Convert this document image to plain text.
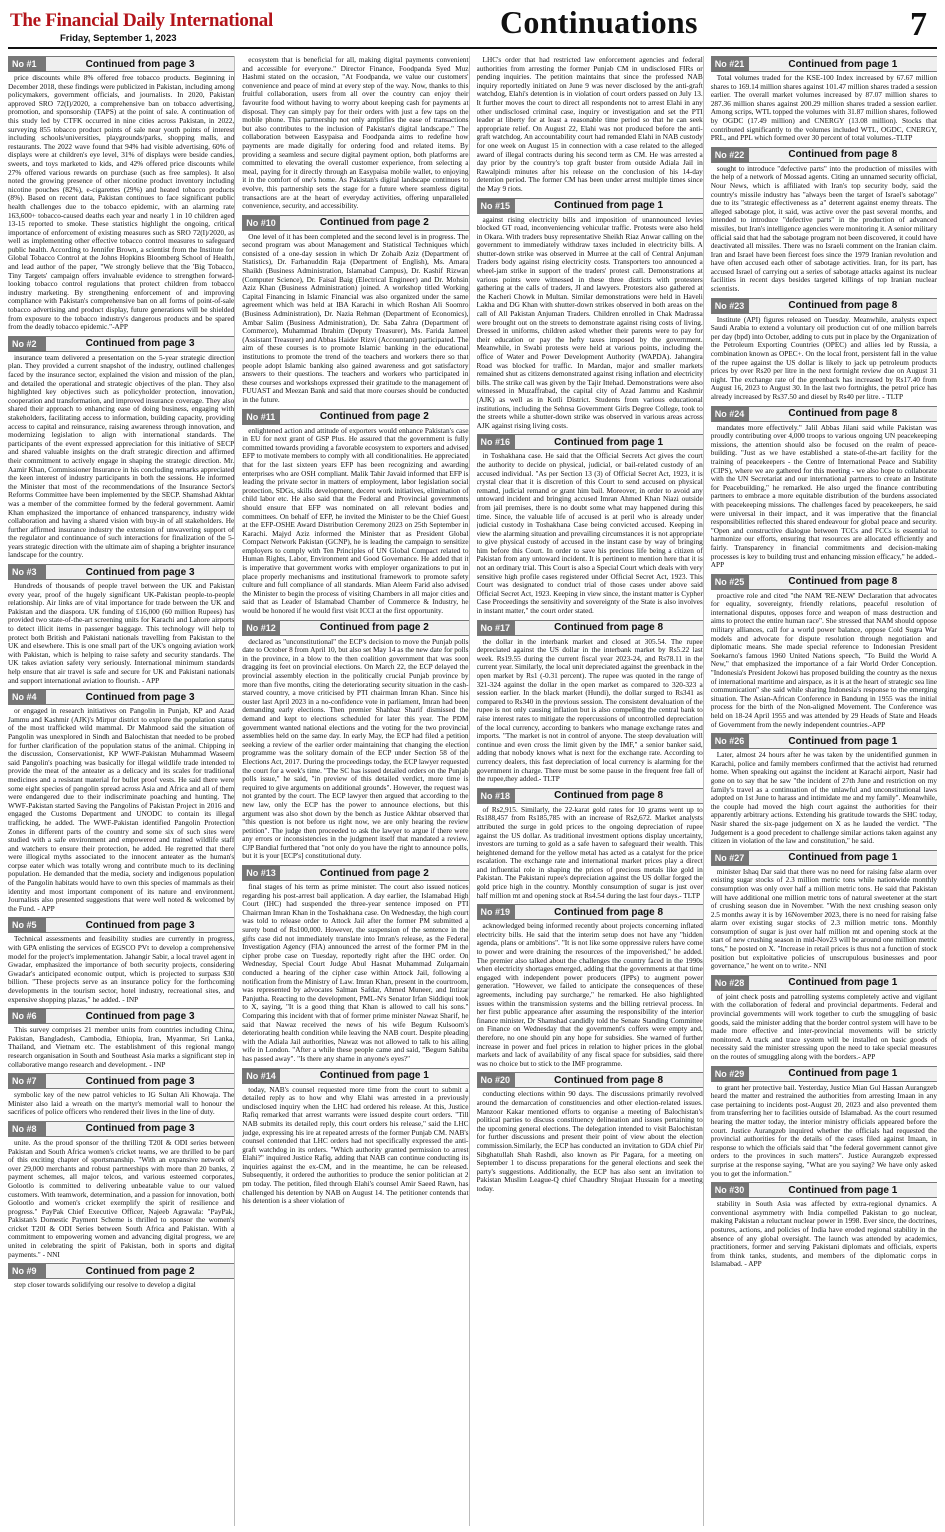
The Financial Daily International
Friday, September 1, 2023	Continuations	7
No #1	Continued from page 3

price discounts while 8% offered free tobacco products. Beginning in December 2018, these findings were publicized in Pakistan, including among policymakers, government officials, and journalists. In 2020, Pakistan approved SRO 72(I)/2020, a comprehensive ban on tobacco advertising, promotion, and sponsorship (TAPS) at the point of sale. A continuation of this study led by CTFK occurred in nine cities across Pakistan, in 2022, surveying 855 tobacco product points of sale near youth points of interest including schools/universities, playgrounds/parks, shopping malls, and restaurants. The 2022 wave found that 94% had visible advertising, 60% of displays were at children's eye level, 31% of displays were beside candies, sweets, and toys marketed to kids, and 42% offered price discounts while 27% offered various rewards on purchase (such as free samples). It also noted the growing presence of other nicotine product inventory including nicotine pouches (82%), e-cigarettes (29%) and heated tobacco products (8%). Based on recent data, Pakistan continues to face significant public health challenges due to the tobacco epidemic, with an alarming rate 163,600+ tobacco-caused deaths each year and nearly 1 in 10 children aged 13-15 reported to smoke. These statistics highlight the ongoing, critical importance of enforcement of existing measures such as SRO 72(I)/2020, as well as implementing other effective tobacco control measures to safeguard public health. According to Jennifer Brown, a scientist from the Institute for Global Tobacco Control at the Johns Hopkins Bloomberg School of Health, and lead author of the paper, "We strongly believe that the 'Big Tobacco, Tiny Targets' campaign offers invaluable evidence to strengthen forward-looking tobacco control regulations that protect children from tobacco industry marketing. By strengthening enforcement of and improving compliance with Pakistan's comprehensive ban on all forms of point-of-sale tobacco advertising and product display, future generations will be shielded from exposure to the tobacco industry's dangerous products and be spared from the deadly tobacco epidemic."-APP

No #2	Continued from page 3

insurance team delivered a presentation on the 5-year strategic direction plan. They provided a current snapshot of the industry, outlined challenges faced by the insurance sector, explained the vision and mission of the plan, and detailed the operational and strategic objectives of the plan. They also highlighted key objectives such as policyholder protection, innovation, cooperation and transformation, and improved insurance coverage. They also shared their approach to enhancing ease of doing business, engaging with stakeholders, facilitating access to information, building capacity, providing access to capital and reinsurance, raising awareness through innovation, and modernizing legislation to align with international standards. The participants of the event expressed appreciation for this initiative of SECP and shared valuable insights on the draft strategic direction and affirmed their commitment to actively engage in shaping the strategic direction. Mr. Aamir Khan, Commissioner Insurance in his concluding remarks appreciated the keen interest of industry participants in both the sessions. He informed the Minister that most of the recommendations of the Insurance Sector's Reforms Committee have been implemented by the SECP. Shamshad Akhtar was a member of the committee formed by the federal government. Aamir Khan emphasized the importance of enhanced transparency, industry wide collaboration and having a shared vision with buy-in of all stakeholders. He further affirmed insurance industry the extension of unwavering support of the regulator and continuance of such interactions for finalization of the 5-years strategic direction with the ultimate aim of shaping a brighter insurance landscape for the country.

No #3	Continued from page 3

Hundreds of thousands of people travel between the UK and Pakistan every year, proof of the hugely significant UK-Pakistan people-to-people relationship. Air links are of vital importance for trade between the UK and Pakistan and the diaspora. UK funding of £16,000 (60 million Rupees) has provided two state-of-the-art screening units for Karachi and Lahore airports to detect illicit items in passenger baggage. This technology will help to protect both British and Pakistani nationals travelling from Pakistan to the UK and elsewhere. This is one small part of the UK's ongoing aviation work with Pakistan, which is helping to raise safety and security standards. The UK takes aviation safety very seriously. International minimum standards help ensure that air travel is safe and secure for UK and Pakistani nationals and support international aviation to flourish. - APP

No #4	Continued from page 3

or engaged in research initiatives on Pangolin in Punjab, KP and Azad Jammu and Kashmir (AJK)'s Mirpur district to explore the population status of the most trafficked wild mammal. Dr Mahmood said the situation of Pangolin was unexplored in Sindh and Balochistan that needed to be probed for further clarification of the population status of the animal. Chipping in the discussion, Conservationist, KP WWF-Pakistan Muhammad Waseem said Pangolin's poaching was basically for illegal wildlife trade intended to provide the meat of the anteater as a delicacy and its scales for traditional medicines and a resistant material for bullet proof vests. He said there were some eight species of pangolin spread across Asia and Africa and all of them were endangered due to their indiscriminate poaching and hunting. The WWF-Pakistan started Saving the Pangolins of Pakistan Project in 2016 and engaged the Customs Department and UNODC to contain its illegal trafficking, he added. The WWF-Pakistan identified Pangolin Protection Zones in different parts of the country and some six of such sites were studied with a safe environment and empowered and trained wildlife staff and watchers to ensure their protection, he added. He regretted that there were illogical myths associated to the innocent anteater as the human's corpse eater which was totally wrong and contribute much to its declining population. He demanded that the media, society and indigenous population of the Pangolin habitats would have to own this species of mammals as their identity and most important component of its nature and environment. Journalists also presented suggestions that were well noted & welcomed by the Fund. - APP

No #5	Continued from page 3

Technical assessments and feasibility studies are currently in progress, with GPA enlisting the services of EGSCO PVt to develop a comprehensive model for the project's implementation. Jahangir Sabir, a local travel agent in Gwadar, emphasized the importance of both security projects, considering Gwadar's anticipated economic output, which is projected to surpass $30 billion. "These projects serve as an insurance policy for the forthcoming developments in the tourism sector, hotel industry, recreational sites, and expensive shopping plazas," he added. - INP

No #6	Continued from page 3

This survey comprises 21 member units from countries including China, Pakistan, Bangladesh, Cambodia, Ethiopia, Iran, Myanmar, Sri Lanka, Thailand, and Vietnam etc. The establishment of this regional mango research organisation in South and Southeast Asia marks a significant step in collaborative mango research and development. - INP

No #7	Continued from page 3

symbolic key of the new patrol vehicles to IG Sultan Ali Khowaja. The Minister also laid a wreath on the martyr's memorial wall to honour the sacrifices of police officers who rendered their lives in the line of duty.

No #8	Continued from page 3

unite. As the proud sponsor of the thrilling T20I & ODI series between Pakistan and South Africa women's cricket teams, we are thrilled to be part of this exciting chapter of sportsmanship. "With an expansive network of over 29,000 merchants and robust partnerships with more than 20 banks, 2 payment schemes, all major telcos, and various esteemed corporates, Golootlo is committed to delivering unbeatable value to our valued customers. With teamwork, determination, and a passion for innovation, both Golootlo and women's cricket exemplify the spirit of resilience and progress." PayPak Chief Executive Officer, Najeeb Agrawala: "PayPak, Pakistan's Domestic Payment Scheme is thrilled to sponsor the women's cricket T20I & ODI Series between South Africa and Pakistan. With a commitment to empowering women and advancing digital progress, we are united in celebrating the spirit of Pakistan, both in sports and digital payments." - NNI

No #9	Continued from page 2

step closer towards solidifying our resolve to develop a digital

ecosystem that is beneficial for all, making digital payments convenient and accessible for everyone." Director Finance, Foodpanda Syed Muz Hashmi stated on the occasion, "At Foodpanda, we value our customers' convenience and peace of mind at every step of the way. Now, thanks to this fruitful collaboration, users from all over the country can enjoy their favourite food without having to worry about keeping cash for payments at disposal. They can simply pay for their orders with just a few taps on the mobile phone. This partnership not only amplifies the ease of transactions but also contributes to the inclusion of Pakistan's digital landscape." The collaboration between Easypaisa and Foodpanda aims to redefine how payments are made digitally for ordering food and related items. By providing a seamless and secure digital payment option, both platforms are committed to elevating the overall customer experience, from selecting a meal, paying for it directly through an Easypaisa mobile wallet, to enjoying it in the comfort of one's home. As Pakistan's digital landscape continues to evolve, this partnership sets the stage for a future where seamless digital transactions are at the heart of everyday activities, offering unparalleled convenience, security, and accessibility.

No #10	Continued from page 2

One level of it has been completed and the second level is in progress. The second program was about Management and Statistical Techniques which consisted of a one-day session in which Dr Zohaib Aziz (Department of Statistics), Dr. Farhanuddin Raja (Department of English), Ms. Amara Shaikh (Business Administration, Islamabad Campus), Dr. Kashif Rizwan (Computer Science), Dr. Faisal Baig (Electrical Engineer) and Dr. Mohsin Aziz Khan (Business Administration) joined. A workshop titled Working Capital Financing in Islamic Financial was also organized under the same agreement which was held at IBA Karachi in which Roshan Ali Soomro (Business Administration), Dr. Nazia Rehman (Department of Economics), Ambar Salim (Business Administration), Dr. Saba Zahra (Department of Commerce), Muhammad Ibrahim (Deputy Treasurer), Ms. Farida Jameel (Assistant Treasurer) and Abbas Haider Rizvi (Accountant) participated. The aim of these courses is to promote Islamic banking in the educational institutions to promote the trend of the teachers and workers there so that people adopt Islamic banking also gained awareness and got satisfactory answers to their questions. The teachers and workers who participated in these courses and workshops expressed their gratitude to the management of FUUAST and Meezan Bank and said that more courses should be conducted in the future.

No #11	Continued from page 2

enlightened action and attitude of exporters would enhance Pakistan's case in EU for next grant of GSP Plus. He assured that the government is fully committed towards providing a favorable ecosystem to exporters and advised EFP to motivate members to comply with all conditionalities. He appreciated that for the last sixteen years EFP has been recognizing and awarding enterprises who are OSH compliant. Malik Tahir Javaid informed that EFP is leading the private sector in matters of employment, labor legislation social protection, SDGs, skills development, decent work initiatives, elimination of child labor etc. He also said that the Federal and Provincial governments should ensure that EFP was nominated on all relevant bodies and committees. On behalf of EFP, he invited the Minister to be the Chief Guest at the EFP-OSHE Award Distribution Ceremony 2023 on 25th September in Karachi. Majyd Aziz informed the Minister that as President Global Compact Network Pakistan (GCNP), he is leading the campaign to sensitize employers to comply with Ten Principles of UN Global Compact related to Human Rights, Labor, Environment and Good Governance. He added that it is imperative that government works with employer organizations to put in place properly mechanisms and institutional framework to promote safety culture and full compliance of all standards. Mian Aleem Farid also advised the Minister to begin the process of visiting Chambers in all major cities and said that as Leader of Islamabad Chamber of Commerce & Industry, he would be honored if he would first visit ICCI at the first opportunity.

No #12	Continued from page 2

declared as "unconstitutional" the ECP's decision to move the Punjab polls date to October 8 from April 10, but also set May 14 as the new date for polls in the province, in a blow to the then coalition government that was soon dragging its feet on provincial elections. On March 22, the ECP delayed the provincial assembly election in the politically crucial Punjab province by more than five months, citing the deteriorating security situation in the cash-starved country, a move criticised by PTI chairman Imran Khan. Since his ouster last April 2023 in a no-confidence vote in parliament, Imran had been demanding early elections. Then premier Shahbaz Sharif dismissed the demand and kept to elections scheduled for later this year. The PDM government wanted national elections and the voting for the two provincial assemblies held on the same day. In early May, the ECP had filed a petition seeking a review of the earlier order maintaining that changing the election programme was the solitary domain of the ECP under Section 58 of the Elections Act, 2017. During the proceedings today, the ECP lawyer requested the court for a week's time. "The SC has issued detailed orders on the Punjab polls issue," he said, "in preview of this detailed verdict, more time is required to give arguments on additional grounds". However, the request was not granted by the court. The ECP lawyer then argued that according to the new law, only the ECP has the power to announce elections, but this argument was also shot down by the bench as Justice Akhtar observed that "this question is not before us right now, we are only hearing the review petition". The judge then proceeded to ask the lawyer to argue if there were any errors or inconsistencies in the judgment itself that mandated a review. CJP Bandial furthered that "not only do you have the right to announce polls, but it is your [ECP's] constitutional duty.

No #13	Continued from page 2

final stages of his term as prime minister. The court also issued notices regarding his post-arrest bail application. A day earlier, the Islamabad High Court (IHC) had suspended the three-year sentence imposed on PTI Chairman Imran Khan in the Toshakhana case. On Wednesday, the high court was told to release order to Attock Jail after the former PM submitted a surety bond of Rs100,000. However, the suspension of the sentence in the gifts case did not immediately translate into Imran's release, as the Federal Investigation Agency (FIA) announced the arrest of the former PM in the cipher probe case on Tuesday, reportedly right after the IHC order. On Wednesday, Special Court Judge Abul Hasnat Muhammad Zulqarnain conducted a hearing of the cipher case within Attock Jail, following a notification from the Ministry of Law. Imran Khan, present in the courtroom, was represented by advocates Salman Safdar, Ahmed Muneer, and Intizar Panjutha. Reacting to the development, PML-N's Senator Irfan Siddiqui took to X, saying, "It is a good thing that Khan is allowed to call his sons." Comparing this incident with that of former prime minister Nawaz Sharif, he said that Nawaz received the news of his wife Begum Kulsoom's deteriorating health condition while leaving the NAB court. Despite pleading with the Adiala Jail authorities, Nawaz was not allowed to talk to his ailing wife in London. "After a while these people came and said, "Begum Sahiba has passed away". "Is there any shame in anyone's eyes?"

No #14	Continued from page 1

today, NAB's counsel requested more time from the court to submit a detailed reply as to how and why Elahi was arrested in a previously undisclosed inquiry when the LHC had ordered his release. At this, Justice Rafiq remarked that arrest warrants were issued despite court orders. "Till NAB submits its detailed reply, this court orders his release," said the LHC judge, expressing his ire at repeated arrests of the former Punjab CM. NAB's counsel contended that LHC orders had not specifically expressed the anti-graft watchdog in its orders. "Which authority granted permission to arrest Elahi?" inquired Justice Rafiq, adding that NAB can continue conducting its inquiries against the ex-CM, and in the meantime, he can be released. Subsequently, it ordered the authorities to produce the senior politician at 2 pm today. The petition, filed through Elahi's counsel Amir Saeed Rawn, has challenged his detention by NAB on August 14. The petitioner contends that his detention is a sheer violation of

LHC's order that had restricted law enforcement agencies and federal authorities from arresting the former Punjab CM in undisclosed FIRs or pending inquiries. The petition maintains that since the professed NAB inquiry reportedly initiated on June 9 was never disclosed by the anti-graft watchdog, Elahi's detention is in violation of court orders passed on July 13. It further moves the court to direct all respondents not to arrest Elahi in any other undisclosed criminal case, inquiry or investigation and set the PTI leader at liberty for at least a reasonable time period so that he can seek appropriate relief. On August 22, Elahi was not produced before the anti-graft watchdog. An accountability court had remanded Elahi in NAB custody for one week on August 15 in connection with a case related to the alleged award of illegal contracts during his second term as CM. He was arrested a day prior by the country's top graft buster from outside Adiala Jail in Rawalpindi minutes after his release on the conclusion of his 14-day detention period. The former CM has been under arrest multiple times since the May 9 riots.

No #15	Continued from page 1

against rising electricity bills and imposition of unannounced levies blocked GT road, inconveniencing vehicular traffic. Protests were also held in Okara. With traders busy representative Sheikh Riaz Anwar calling on the government to immediately withdraw taxes included in electricity bills. A shutter-down strike was observed in Murree at the call of Central Anjuman Traders body against rising electricity costs. Transporters too announced a wheel-jam strike in support of the traders' protest call. Demonstrations at various points were witnessed in these three districts with protesters gathering at the calls of traders, JI and lawyers. Protestors also gathered at the Kacheri Chowk in Multan. Similar demonstrations were held in Haveli Lakha and DG Khan with shutter-down strikes observed in both areas on the call of All Pakistan Anjuman Traders. Children enrolled in Chak Madrassa were brought out on the streets to demonstrate against rising costs of living. Dressed in uniforms, children asked whether their parents were to pay for their education or pay the hefty taxes imposed by the government. Meanwhile, in Swabi protests were held at various points, including the office of Water and Power Development Authority (WAPDA). Jahangira Road was blocked for traffic. In Mardan, major and smaller markets remained shut as citizens demonstrated against rising inflation and electricity bills. The strike call was given by the Tajir Ittehad. Demonstrations were also witnessed in Muzaffrabad, the capital city of Azad Jammu and Kashmir (AJK) as well as in Kotli District. Students from various educational institutions, including the Sehnsa Government Girls Degree College, took to the streets while a shutter-down strike was observed in various areas across AJK against rising living costs.

No #16	Continued from page 1

in Toshakhana case. He said that the Official Secrets Act gives the court the authority to decide on physical, judicial, or bail-related custody of an accused individual. "As per Section 13 (3) of Official Secret Act, 1923, it is crystal clear that it is discretion of this Court to send accused on physical remand, judicial remand or grant him bail. Moreover, in order to avoid any untoward incident and bringing accused Imran Ahmed Khan Niazi outside from jail premises, there is no doubt some what may happened during this time. Since, the valuable life of accused is at peril who is already under judicial custody in Toshakhana Case being convicted accused. Keeping in view the alarming situation and prevailing circumstances it is not appropriate to give physical custody of accused in the instant case by way of bringing him before this Court. In order to save his precious life being a citizen of Pakistan from any untoward incident. It is pertinent to mention here that it is not an ordinary trial. This Court is also a Special Court which deals with very sensitive high profile cases registered under Official Secret Act, 1923. This Court was designated to conduct trial of those cases under above said Official Secret Act, 1923. Keeping in view since, the instant matter is Cypher Case Proceedings the sensitivity and sovereignty of the State is also involves in instant matter," the court order stated.

No #17	Continued from page 8

the dollar in the interbank market and closed at 305.54. The rupee depreciated against the US dollar in the interbank market by Rs5.22 last week. Rs19.55 during the current fiscal year 2023-24, and Rs78.11 in the current year. Similarly, the local unit depreciated against the greenback in the open market by Rs1 (-0.31 percent). The rupee was quoted in the range of 321-324 against the dollar in the open market as compared to 320-323 a session earlier. In the black market (Hundi), the dollar surged to Rs341 as compared to Rs340 in the previous session. The consistent devaluation of the rupee is not only causing inflation but is also compelling the central bank to raise interest rates to mitigate the repercussions of uncontrolled depreciation of the local currency, according to bankers who manage exchange rates and imports. "The market is not in control of anyone. The steep devaluation will continue and even cross the limit given by the IMF," a senior banker said, adding that nobody knows what is next for the exchange rate. According to currency dealers, this fast depreciation of local currency is alarming for the government in charge. There must be some pause in the frequent free fall of the rupee,they added.- TLTP

No #18	Continued from page 8

of Rs2,915. Similarly, the 22-karat gold rates for 10 grams went up to Rs188,457 from Rs185,785 with an increase of Rs2,672. Market analysts attributed the surge in gold prices to the ongoing depreciation of rupee against the US dollar. As traditional investment options display uncertainty, investors are turning to gold as a safe haven to safeguard their wealth. This heightened demand for the yellow metal has acted as a catalyst for the price escalation. The exchange rate and international market prices play a direct and influential role in shaping the prices of precious metals like gold in Pakistan. The Pakistani rupee's depreciation against the US dollar forged the gold price high in the country. Monthly consumption of sugar is just over half million mt and opening stock at Rs4.54 during the last four days.- TLTP

No #19	Continued from page 8

acknowledged being informed recently about projects concerning inflated electricity bills. He said that the interim setup does not have any "hidden agenda, plans or ambitions". "It is not like some oppressive rulers have come to power and were draining the resources of the impoverished," he added. The premier also talked about the challenges the country faced in the 1990s when electricity shortages emerged, adding that the governments at that time engaged with independent power producers (IPPs) to augment power generation. "However, we failed to anticipate the consequences of these agreements, including pay surcharge," he remarked. He also highlighted issues within the transmission systems and the billing retrieval process. In her first public appearance after assuming the responsibility of the interior finance minister, Dr Shamshad candidly told the Senate Standing Committee on Finance on Wednesday that the government's coffers were empty and, therefore, no one should pin any hope for subsidies. She warned of further increase in power and fuel prices in relation to higher prices in the global markets and lack of availability of any fiscal space for subsidies, said there was no choice but to stick to the IMF programme.

No #20	Continued from page 8

conducting elections within 90 days. The discussions primarily revolved around the demarcation of constituencies and other election-related issues. Manzoor Kakar mentioned efforts to organise a meeting of Balochistan's political parties to discuss constituency delineation and issues pertaining to the upcoming general elections. The delegation intended to visit Balochistan for further discussions and present their point of view about the election commission.Similarly, the ECP has conducted an invitation to GDA chief Pir Sibghatullah Shah Rashdi, also known as Pir Pagara, for a meeting on September 1 to discuss preparations for the general elections and seek the party's suggestions. Additionally, the ECP has also sent an invitation to Pakistan Muslim League-Q chief Chaudhry Shujaat Hussain for a meeting today.

No #21	Continued from page 1

Total volumes traded for the KSE-100 Index increased by 67.67 million shares to 169.14 million shares against 101.47 million shares traded a session earlier. The overall market volumes increased by 87.07 million shares to 287.36 million shares against 200.29 million shares traded a session earlier. Among scrips, WTL topped the volumes with 31.87 million shares, followed by OGDC (17.49 million) and CNERGY (13.08 million). Stocks that contributed significantly to the volumes included WTL, OGDC, CNERGY, PRL, and PPL which formed over 30 percent of total volumes.-TLTP

No #22	Continued from page 8

sought to introduce "defective parts" into the production of missiles with the help of a network of Mossad agents. Citing an unnamed security official, Nour News, which is affiliated with Iran's top security body, said the country's missile industry has "always been the target of Israel's sabotage" due to its "strategic effectiveness as a" deterrent against enemy threats. The alleged sabotage plot, it said, was active over the past several months, and intended to introduce "defective parts" in the production of advanced missiles, but Iran's intelligence agencies were monitoring it. A senior military official said that had the sabotage program not been discovered, it could have deactivated all missiles. There was no Israeli comment on the Iranian claim. Iran and Israel have been fiercest foes since the 1979 Iranian revolution and have often accused each other of sabotage activities. Iran, for its part, has accused Israel of carrying out a series of sabotage attacks against its nuclear facilities in recent days besides targeted killings of top Iranian nuclear scientists.

No #23	Continued from page 8

Institute (API) figures released on Tuesday. Meanwhile, analysts expect Saudi Arabia to extend a voluntary oil production cut of one million barrels per day (bpd) into October, adding to cuts put in place by the Organization of the Petroleum Exporting Countries (OPEC) and allies led by Russia, a combination known as OPEC+. On the local front, persistent fall in the value of the rupee against the US dollar is likely to jack up petroleum products prices by over Rs20 per litre in the next fortnight review due on August 31 night. The exchange rate of the greenback has increased by Rs17.40 from August 16, 2023 to August 30. In the last two fortnights, the petrol price has already increased by Rs37.50 and diesel by Rs40 per litre. - TLTP

No #24	Continued from page 8

mandates more effectively." Jalil Abbas Jilani said while Pakistan was proudly contributing over 4,000 troops to various ongoing UN peacekeeping missions, the attention should also be focused on the realm of peace-building. "Just as we have established a state-of-the-art facility for the training of peacekeepers - the Centre of International Peace and Stability (CIPS), where we are gathered for this meeting - we also hope to collaborate with the UN Secretariat and our international partners to create an Institute for Peacebuilding," he remarked. He also urged the finance contributing partners to embrace a more equitable distribution of the burdens associated with peacekeeping missions. The challenges faced by peacekeepers, he said were universal in their impact, and it was imperative that the financial responsibilities reflected this shared endeavour for global peace and security. "Open and constructive dialogue between TCCs and FCCs is essential to harmonize our efforts, ensuring that resources are allocated efficiently and fairly. Transparency in financial commitments and decision-making processes is key to building trust and enhancing mission efficacy," he added.- APP

No #25	Continued from page 8

proactive role and cited "the NAM 'RE-NEW' Declaration that advocates for equality, sovereignty, friendly relations, peaceful resolution of international disputes, opposes force and weapon of mass destruction and aims to protect the entire human race". She stressed that NAM should oppose military alliances, call for a world power balance, oppose Cold Sugra War models and advocate for dispute resolution through negotiation and diplomatic means. She made special reference to Indonesian President Soekarno's famous 1960 United Nations speech, "To Build the World A New," that emphasized the importance of a fair World Order Conception. "Indonesia's President Jokowi has proposed building the country as the nexus of international maritime and airspace, as it is at the heart of strategic sea line communication" she said while sharing Indonesia's response to the emerging situation. The Asian-African Conference in Bandung in 1955 was the initial process for the birth of the Non-aligned Movement. The Conference was held on 18-24 April 1955 and was attended by 29 Heads of State and Heads of Government from the newly independent countries.-APP

No #26	Continued from page 1

Later, almost 24 hours after he was taken by the unidentified gunmen in Karachi, police and family members confirmed that the activist had returned home. When speaking out against the incident at Karachi airport, Nasir had gone on to say that he saw "the incident of 27th June and restriction on my family's travel as a continuation of the unlawful and unconstitutional laws adopted on 1st June to harass and intimidate me and my family". Meanwhile, the couple had moved the high court against the authorities for their apparently arbitrary actions. Extending his gratitude towards the SHC today, Nasir shared the six-page judgement on X as he lauded the verdict. "The Judgement is a good precedent to challenge similar actions taken against any citizen in violation of the law and constitution," he said.

No #27	Continued from page 1

minister Ishaq Dar said that there was no need for raising false alarm over existing sugar stocks of 2.3 million metric tons while nationwide monthly consumption was only over half a million metric tons. He said that Pakistan will have additional one million metric tons of natural sweetener at the start of crushing season due in November. "With the next crushing season only 2.5 months away it is by 16November 2023, there is no need for raising false alarm over existing sugar stocks of 2.3 million metric tons. Monthly consumption of sugar is just over half million mt and opening stock at the start of new crushing season in mid-Nov23 will be around one million metric tons," he posted on X. "Increase in retail prices is thus not a function of stock position but exploitative policies of unscrupulous businesses and poor governance," he went on to write.- NNI

No #28	Continued from page 1

of joint check posts and patrolling systems completely active and vigilant with the collaboration of federal and provincial departments. Federal and provincial governments will work together to curb the smuggling of basic goods, said the minister adding that the border control system will have to be made more effective and inter-provincial movements will be strictly monitored. A track and trace system will be installed on basic goods of necessity said the minister stressing upon the need to take special measures on the routes of smuggling along with the borders.- APP

No #29	Continued from page 1

to grant her protective bail. Yesterday, Justice Mian Gul Hassan Aurangzeb heard the matter and restrained the authorities from arresting Imaan in any case pertaining to incidents post-August 20, 2023 and also prevented them from transferring her to facilities outside of Islamabad. As the court resumed hearing the matter today, the interior ministry officials appeared before the court. Justice Aurangzeb inquired whether the officials had requested the provincial authorities for the details of the cases filed against Imaan, in response to which the officials said that "the federal government cannot give orders to the provinces in such matters". Justice Aurangzeb expressed surprise at the response saying, "What are you saying? We have only asked you to get the information."

No #30	Continued from page 1

stability in South Asia was affected by extra-regional dynamics. A conventional asymmetry with India compelled Pakistan to go nuclear, making Pakistan a reluctant nuclear power in 1998. Ever since, the doctrines, postures, actions, and policies of India have eroded regional stability in the absence of any global oversight. The launch was attended by academics, practitioners, former and serving Pakistani diplomats and officials, experts from think tanks, students, and members of the diplomatic corps in Islamabad. - APP
